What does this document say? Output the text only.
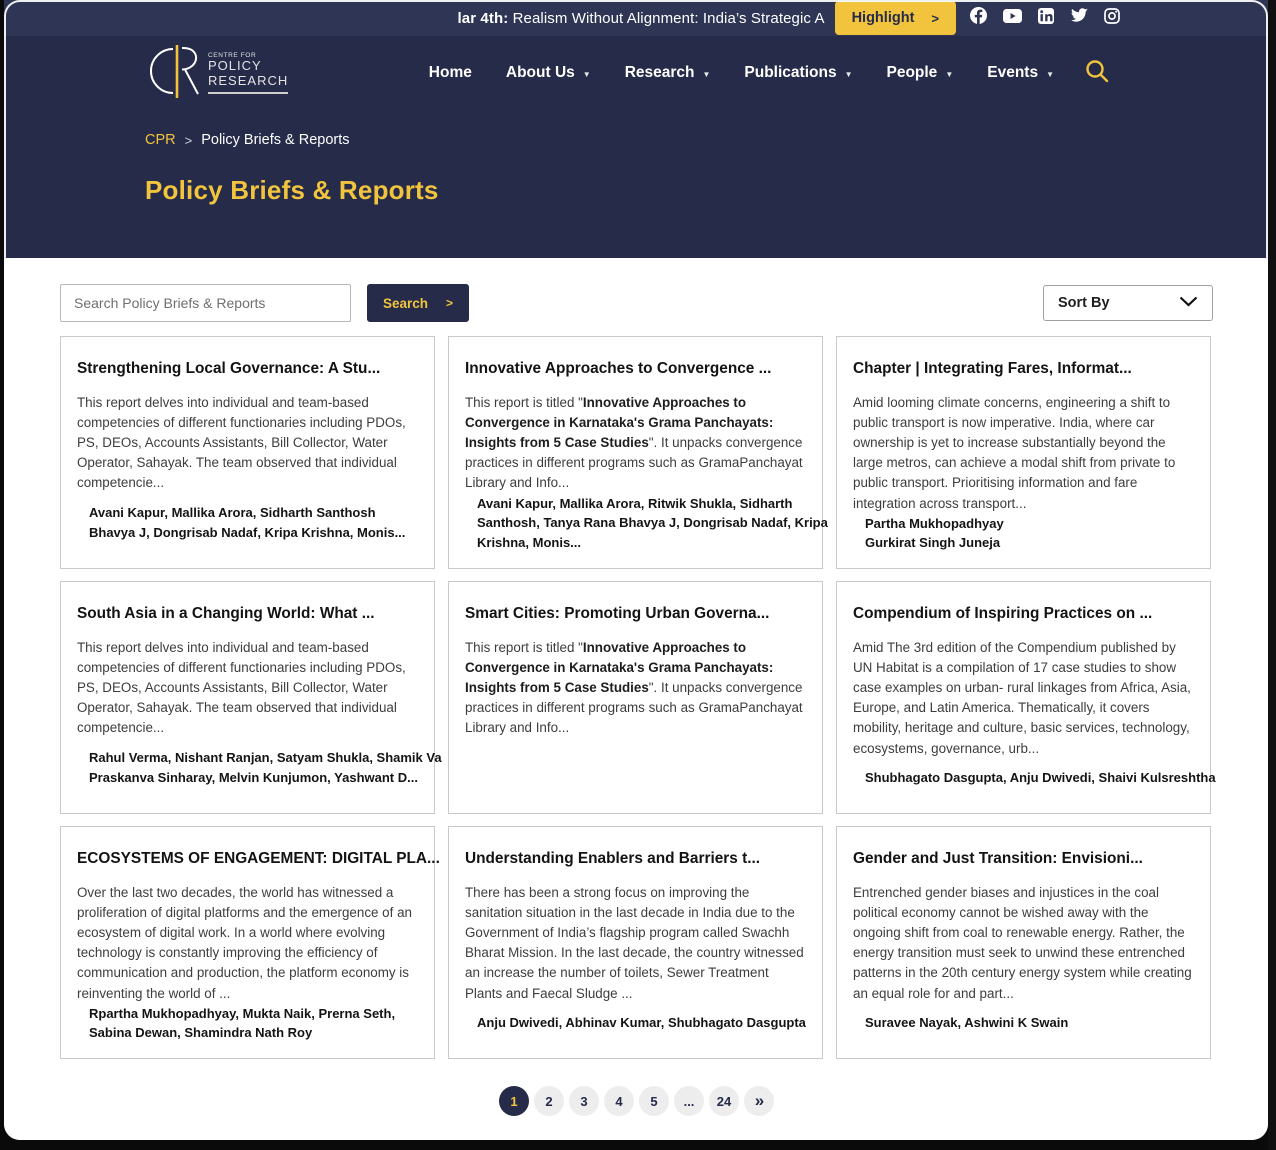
lar 4th: Realism Without Alignment: India’s Strategic A Highlight >
CENTRE FOR
POLICY
RESEARCH	Home About Us ▼ Research ▼ Publications ▼ People ▼ Events ▼
CPR > Policy Briefs & Reports
Policy Briefs & Reports
Search Policy Briefs & Reports
Search >	Sort By
Strengthening Local Governance: A Stu...

This report delves into individual and team-based competencies of different functionaries including PDOs, PS, DEOs, Accounts Assistants, Bill Collector, Water Operator, Sahayak. The team observed that individual competencie...

Avani Kapur, Mallika Arora, Sidharth Santhosh
Bhavya J, Dongrisab Nadaf, Kripa Krishna, Monis...
Innovative Approaches to Convergence ...

This report is titled "Innovative Approaches to Convergence in Karnataka's Grama Panchayats: Insights from 5 Case Studies". It unpacks convergence practices in different programs such as GramaPanchayat Library and Info...

Avani Kapur, Mallika Arora, Ritwik Shukla, Sidharth
Santhosh, Tanya Rana Bhavya J, Dongrisab Nadaf, Kripa
Krishna, Monis...
Chapter | Integrating Fares, Informat...

Amid looming climate concerns, engineering a shift to public transport is now imperative. India, where car ownership is yet to increase substantially beyond the large metros, can achieve a modal shift from private to public transport. Prioritising information and fare integration across transport...

Partha Mukhopadhyay
Gurkirat Singh Juneja
South Asia in a Changing World: What ...

This report delves into individual and team-based competencies of different functionaries including PDOs, PS, DEOs, Accounts Assistants, Bill Collector, Water Operator, Sahayak. The team observed that individual competencie...

Rahul Verma, Nishant Ranjan, Satyam Shukla, Shamik Va
Praskanva Sinharay, Melvin Kunjumon, Yashwant D...
Smart Cities: Promoting Urban Governa...

This report is titled "Innovative Approaches to Convergence in Karnataka's Grama Panchayats: Insights from 5 Case Studies". It unpacks convergence practices in different programs such as GramaPanchayat Library and Info...

Compendium of Inspiring Practices on ...

Amid The 3rd edition of the Compendium published by UN Habitat is a compilation of 17 case studies to show case examples on urban- rural linkages from Africa, Asia, Europe, and Latin America. Thematically, it covers mobility, heritage and culture, basic services, technology, ecosystems, governance, urb...

Shubhagato Dasgupta, Anju Dwivedi, Shaivi Kulsreshtha
ECOSYSTEMS OF ENGAGEMENT: DIGITAL PLA...

Over the last two decades, the world has witnessed a proliferation of digital platforms and the emergence of an ecosystem of digital work. In a world where evolving technology is constantly improving the efficiency of communication and production, the platform economy is reinventing the world of ...

Rpartha Mukhopadhyay, Mukta Naik, Prerna Seth,
Sabina Dewan, Shamindra Nath Roy
Understanding Enablers and Barriers t...

There has been a strong focus on improving the sanitation situation in the last decade in India due to the Government of India’s flagship program called Swachh Bharat Mission. In the last decade, the country witnessed an increase the number of toilets, Sewer Treatment Plants and Faecal Sludge ...

Anju Dwivedi, Abhinav Kumar, Shubhagato Dasgupta
Gender and Just Transition: Envisioni...

Entrenched gender biases and injustices in the coal political economy cannot be wished away with the ongoing shift from coal to renewable energy. Rather, the energy transition must seek to unwind these entrenched patterns in the 20th century energy system while creating an equal role for and part...

Suravee Nayak, Ashwini K Swain
1	2	3	4	5	...	24	»
